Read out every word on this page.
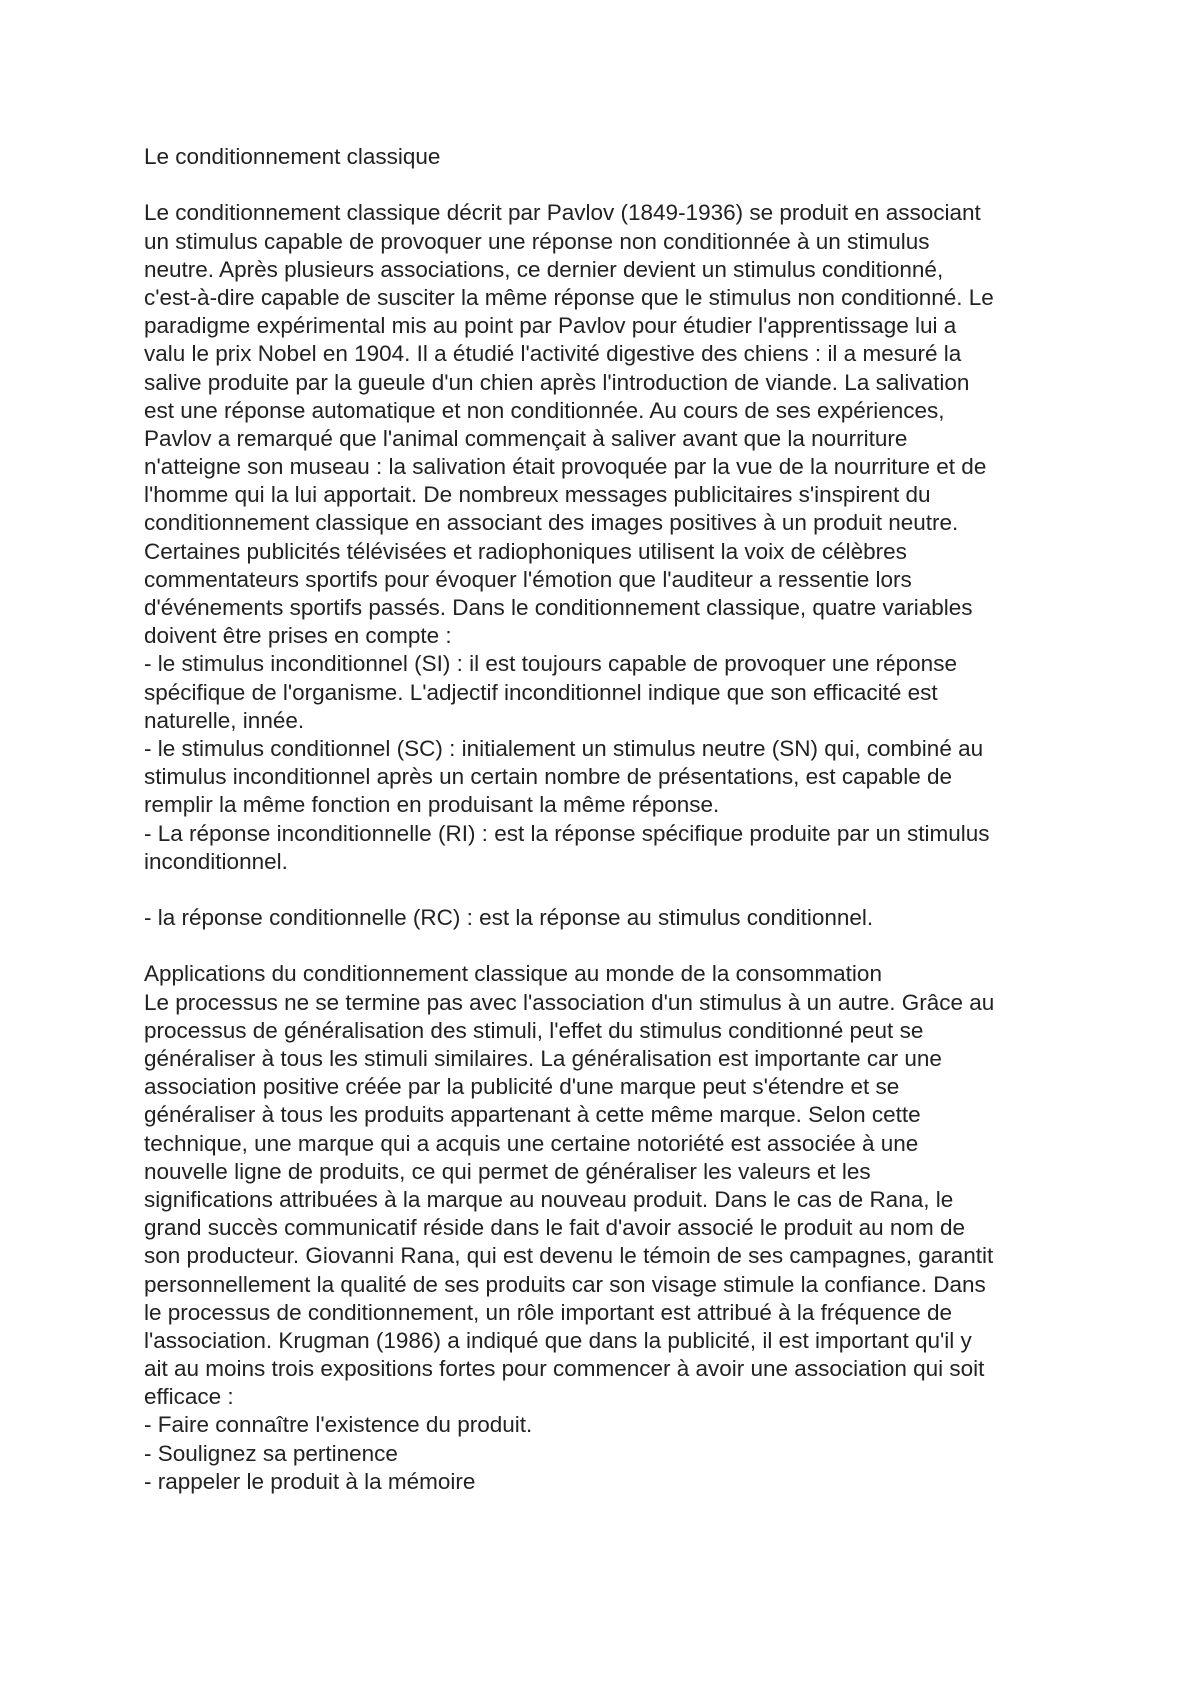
Le conditionnement classique
Le conditionnement classique décrit par Pavlov (1849-1936) se produit en associant
un stimulus capable de provoquer une réponse non conditionnée à un stimulus
neutre. Après plusieurs associations, ce dernier devient un stimulus conditionné,
c'est-à-dire capable de susciter la même réponse que le stimulus non conditionné. Le
paradigme expérimental mis au point par Pavlov pour étudier l'apprentissage lui a
valu le prix Nobel en 1904. Il a étudié l'activité digestive des chiens : il a mesuré la
salive produite par la gueule d'un chien après l'introduction de viande. La salivation
est une réponse automatique et non conditionnée. Au cours de ses expériences,
Pavlov a remarqué que l'animal commençait à saliver avant que la nourriture
n'atteigne son museau : la salivation était provoquée par la vue de la nourriture et de
l'homme qui la lui apportait. De nombreux messages publicitaires s'inspirent du
conditionnement classique en associant des images positives à un produit neutre.
Certaines publicités télévisées et radiophoniques utilisent la voix de célèbres
commentateurs sportifs pour évoquer l'émotion que l'auditeur a ressentie lors
d'événements sportifs passés. Dans le conditionnement classique, quatre variables
doivent être prises en compte :
- le stimulus inconditionnel (SI) : il est toujours capable de provoquer une réponse
spécifique de l'organisme. L'adjectif inconditionnel indique que son efficacité est
naturelle, innée.
- le stimulus conditionnel (SC) : initialement un stimulus neutre (SN) qui, combiné au
stimulus inconditionnel après un certain nombre de présentations, est capable de
remplir la même fonction en produisant la même réponse.
- La réponse inconditionnelle (RI) : est la réponse spécifique produite par un stimulus
inconditionnel.
- la réponse conditionnelle (RC) : est la réponse au stimulus conditionnel.
Applications du conditionnement classique au monde de la consommation
Le processus ne se termine pas avec l'association d'un stimulus à un autre. Grâce au
processus de généralisation des stimuli, l'effet du stimulus conditionné peut se
généraliser à tous les stimuli similaires. La généralisation est importante car une
association positive créée par la publicité d'une marque peut s'étendre et se
généraliser à tous les produits appartenant à cette même marque. Selon cette
technique, une marque qui a acquis une certaine notoriété est associée à une
nouvelle ligne de produits, ce qui permet de généraliser les valeurs et les
significations attribuées à la marque au nouveau produit. Dans le cas de Rana, le
grand succès communicatif réside dans le fait d'avoir associé le produit au nom de
son producteur. Giovanni Rana, qui est devenu le témoin de ses campagnes, garantit
personnellement la qualité de ses produits car son visage stimule la confiance. Dans
le processus de conditionnement, un rôle important est attribué à la fréquence de
l'association. Krugman (1986) a indiqué que dans la publicité, il est important qu'il y
ait au moins trois expositions fortes pour commencer à avoir une association qui soit
efficace :
- Faire connaître l'existence du produit.
- Soulignez sa pertinence
- rappeler le produit à la mémoire
